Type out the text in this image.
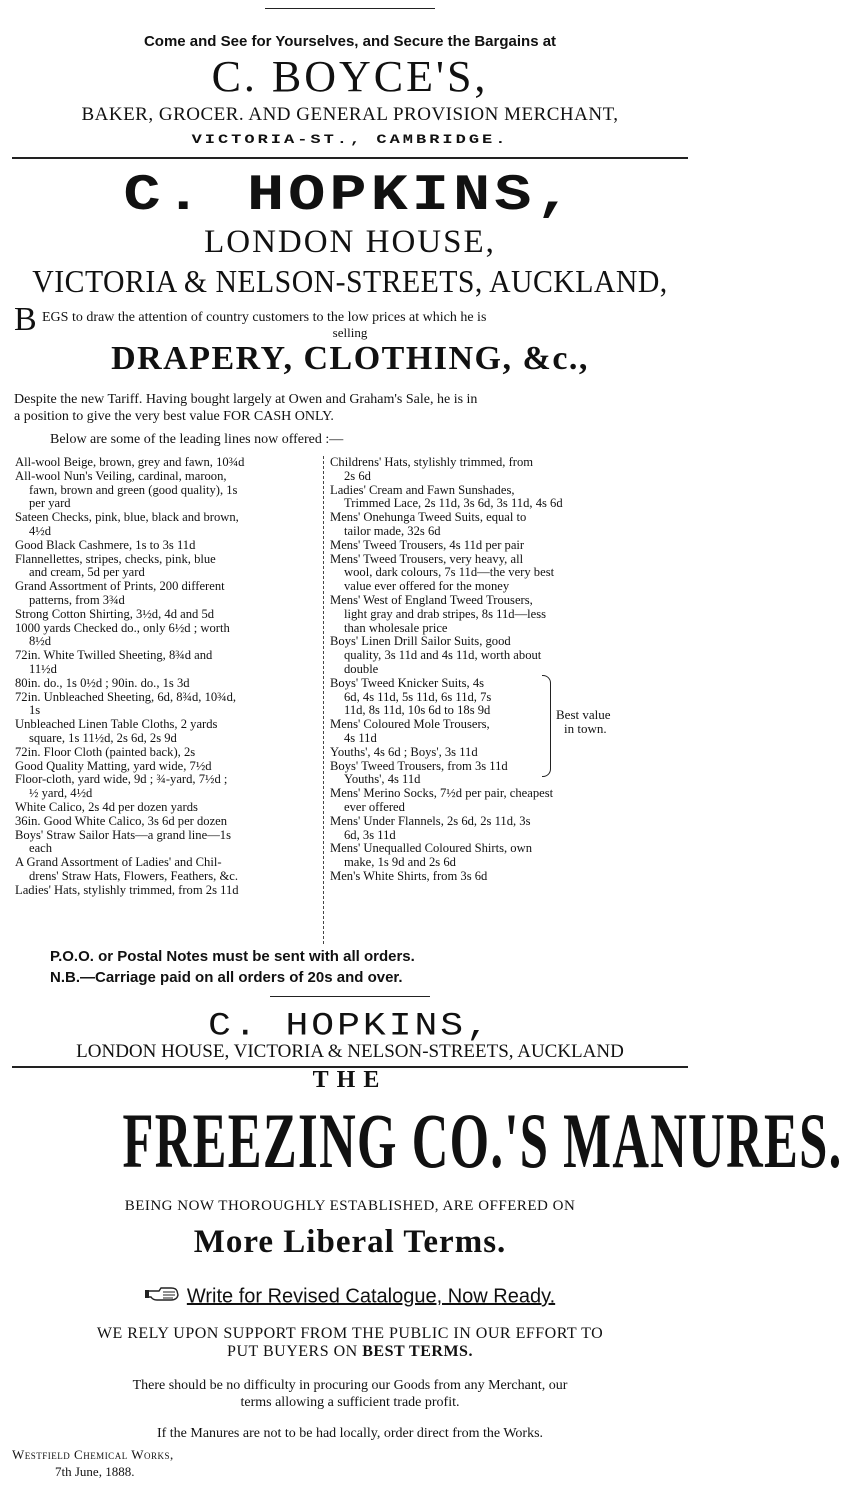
Come and See for Yourselves, and Secure the Bargains at
C. BOYCE'S,
BAKER, GROCER. AND GENERAL PROVISION MERCHANT,
VICTORIA-ST., CAMBRIDGE.
C. HOPKINS,
LONDON HOUSE,
VICTORIA & NELSON-STREETS, AUCKLAND,
B EGS to draw the attention of country customers to the low prices at which he is
selling
DRAPERY, CLOTHING, &c.,
Despite the new Tariff. Having bought largely at Owen and Graham's Sale, he is in
a position to give the very best value FOR CASH ONLY.
Below are some of the leading lines now offered :—
All-wool Beige, brown, grey and fawn, 10¾d
All-wool Nun's Veiling, cardinal, maroon,
fawn, brown and green (good quality), 1s
per yard
Sateen Checks, pink, blue, black and brown,
4½d
Good Black Cashmere, 1s to 3s 11d
Flannellettes, stripes, checks, pink, blue
and cream, 5d per yard
Grand Assortment of Prints, 200 different
patterns, from 3¾d
Strong Cotton Shirting, 3½d, 4d and 5d
1000 yards Checked do., only 6½d ; worth
8½d
72in. White Twilled Sheeting, 8¾d and
11½d
80in. do., 1s 0½d ; 90in. do., 1s 3d
72in. Unbleached Sheeting, 6d, 8¾d, 10¾d,
1s
Unbleached Linen Table Cloths, 2 yards
square, 1s 11½d, 2s 6d, 2s 9d
72in. Floor Cloth (painted back), 2s
Good Quality Matting, yard wide, 7½d
Floor-cloth, yard wide, 9d ; ¾-yard, 7½d ;
½ yard, 4½d
White Calico, 2s 4d per dozen yards
36in. Good White Calico, 3s 6d per dozen
Boys' Straw Sailor Hats—a grand line—1s
each
A Grand Assortment of Ladies' and Chil-
drens' Straw Hats, Flowers, Feathers, &c.
Ladies' Hats, stylishly trimmed, from 2s 11d
Childrens' Hats, stylishly trimmed, from
2s 6d
Ladies' Cream and Fawn Sunshades,
Trimmed Lace, 2s 11d, 3s 6d, 3s 11d, 4s 6d
Mens' Onehunga Tweed Suits, equal to
tailor made, 32s 6d
Mens' Tweed Trousers, 4s 11d per pair
Mens' Tweed Trousers, very heavy, all
wool, dark colours, 7s 11d—the very best
value ever offered for the money
Mens' West of England Tweed Trousers,
light gray and drab stripes, 8s 11d—less
than wholesale price
Boys' Linen Drill Sailor Suits, good
quality, 3s 11d and 4s 11d, worth about
double
Boys' Tweed Knicker Suits, 4s
6d, 4s 11d, 5s 11d, 6s 11d, 7s
11d, 8s 11d, 10s 6d to 18s 9d
Mens' Coloured Mole Trousers,
4s 11d
Youths', 4s 6d ; Boys', 3s 11d
Boys' Tweed Trousers, from 3s 11d
Youths', 4s 11d
Mens' Merino Socks, 7½d per pair, cheapest
ever offered
Mens' Under Flannels, 2s 6d, 2s 11d, 3s
6d, 3s 11d
Mens' Unequalled Coloured Shirts, own
make, 1s 9d and 2s 6d
Men's White Shirts, from 3s 6d
Best value
in town.
P.O.O. or Postal Notes must be sent with all orders.
N.B.—Carriage paid on all orders of 20s and over.
C. HOPKINS,
LONDON HOUSE, VICTORIA & NELSON-STREETS, AUCKLAND
THE
FREEZING CO.'S MANURES.
BEING NOW THOROUGHLY ESTABLISHED, ARE OFFERED ON
More Liberal Terms.
Write for Revised Catalogue, Now Ready.
WE RELY UPON SUPPORT FROM THE PUBLIC IN OUR EFFORT TO
PUT BUYERS ON BEST TERMS.
There should be no difficulty in procuring our Goods from any Merchant, our
terms allowing a sufficient trade profit.
If the Manures are not to be had locally, order direct from the Works.
Westfield Chemical Works,
7th June, 1888.
